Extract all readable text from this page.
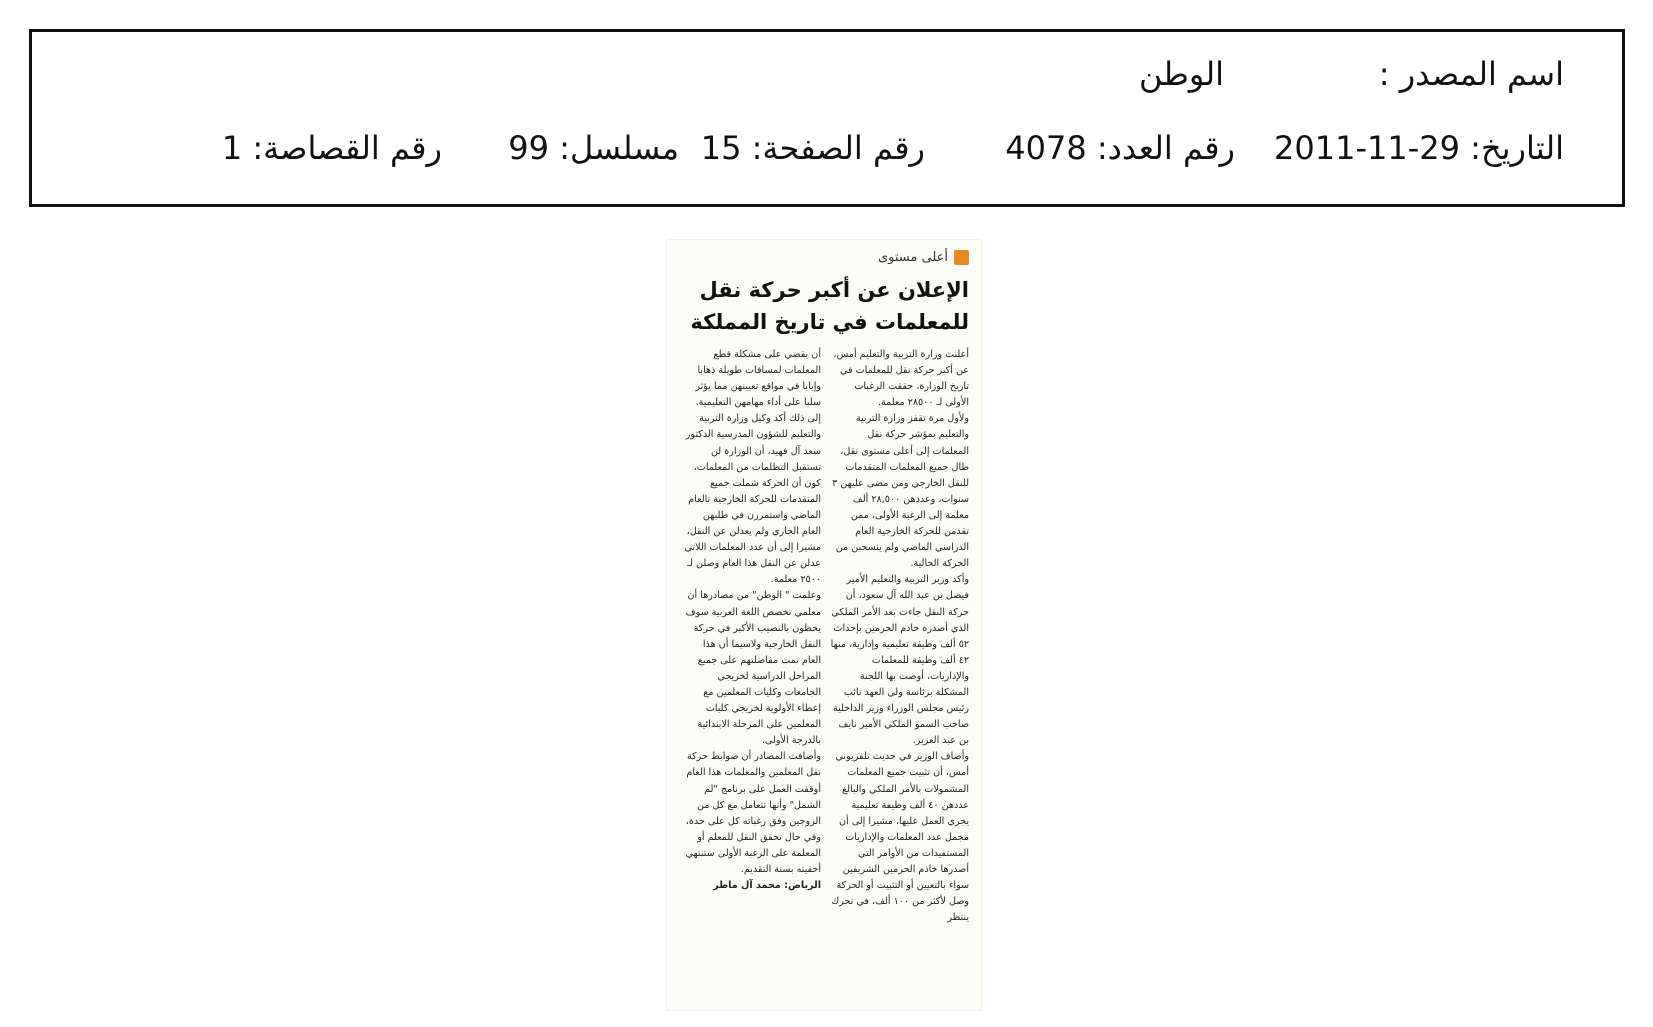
اسم المصدر :
الوطن
التاريخ: 2011-11-29
رقم العدد: 4078
رقم الصفحة: 15
مسلسل: 99
رقم القصاصة: 1
أعلى مستوى
الإعلان عن أكبر حركة نقل
للمعلمات في تاريخ المملكة

أعلنت وزارة التربية والتعليم أمس، عن أكبر حركة نقل للمعلمات في تاريخ الوزارة، حققت الرغبات الأولى لـ ٢٨٥٠٠ معلمة.

ولأول مرة تقفز وزارة التربية والتعليم بمؤشر حركة نقل المعلمات إلى أعلى مستوى نقل، طال جميع المعلمات المتقدمات للنقل الخارجي ومن مضى عليهن ٣ سنوات، وعددهن ٢٨,٥٠٠ ألف معلمة إلى الرغبة الأولى، ممن تقدمن للحركة الخارجية العام الدراسي الماضي ولم ينسحبن من الحركة الحالية.

وأكد وزير التربية والتعليم الأمير فيصل بن عبد الله آل سعود، أن حركة النقل جاءت بعد الأمر الملكي الذي أصدره خادم الحرمين بإحداث ٥٢ ألف وظيفة تعليمية وإدارية، منها ٤٢ ألف وظيفة للمعلمات والإداريات، أوصت بها اللجنة المشكلة برئاسة ولي العهد نائب رئيس مجلس الوزراء وزير الداخلية صاحب السمو الملكي الأمير نايف بن عبد العزيز.

وأضاف الوزير في حديث تلفزيوني أمس، أن تثبيت جميع المعلمات المشمولات بالأمر الملكي والبالغ عددهن ٤٠ ألف وظيفة تعليمية يجري العمل عليها، مشيرا إلى أن مجمل عدد المعلمات والإداريات المستفيدات من الأوامر التي أصدرها خادم الحرمين الشريفين سواء بالتعيين أو التثبيت أو الحركة وصل لأكثر من ١٠٠ ألف، في تحرك ينتظر

أن يقضي على مشكلة قطع المعلمات لمسافات طويلة ذهابا وإيابا في مواقع تعيينهن مما يؤثر سلبا على أداء مهامهن التعليمية.

إلى ذلك أكد وكيل وزارة التربية والتعليم للشؤون المدرسية الدكتور سعد آل فهيد، أن الوزارة لن تستقبل التظلمات من المعلمات، كون أن الحركة شملت جميع المتقدمات للحركة الخارجية تالعام الماضي واستمررن في طلبهن العام الجاري ولم يعدلن عن النقل، مشيرا إلى أن عدد المعلمات اللاتي عدلن عن النقل هذا العام وصلن لـ ٢٥٠٠ معلمة.

وعلمت " الوطن" من مصادرها أن معلمي تخصص اللغة العربية سوف يحظون بالنصيب الأكبر في حركة النقل الخارجية ولاسيما أن هذا العام تمت مفاضلتهم على جميع المراحل الدراسية لخريجي الجامعات وكليات المعلمين مع إعطاء الأولوية لخريجي كليات المعلمين على المرحلة الابتدائية بالدرجة الأولى.

وأضافت المصادر أن ضوابط حركة نقل المعلمين والمعلمات هذا العام أوقفت العمل على برنامج "لم الشمل" وأنها تتعامل مع كل من الزوجين وفق رغباته كل على حدة، وفي حال تحقق النقل للمعلم أو المعلمة على الرغبة الأولى ستنتهي أحقيته بسنة التقديم.

الرياض: محمد آل ماطر
